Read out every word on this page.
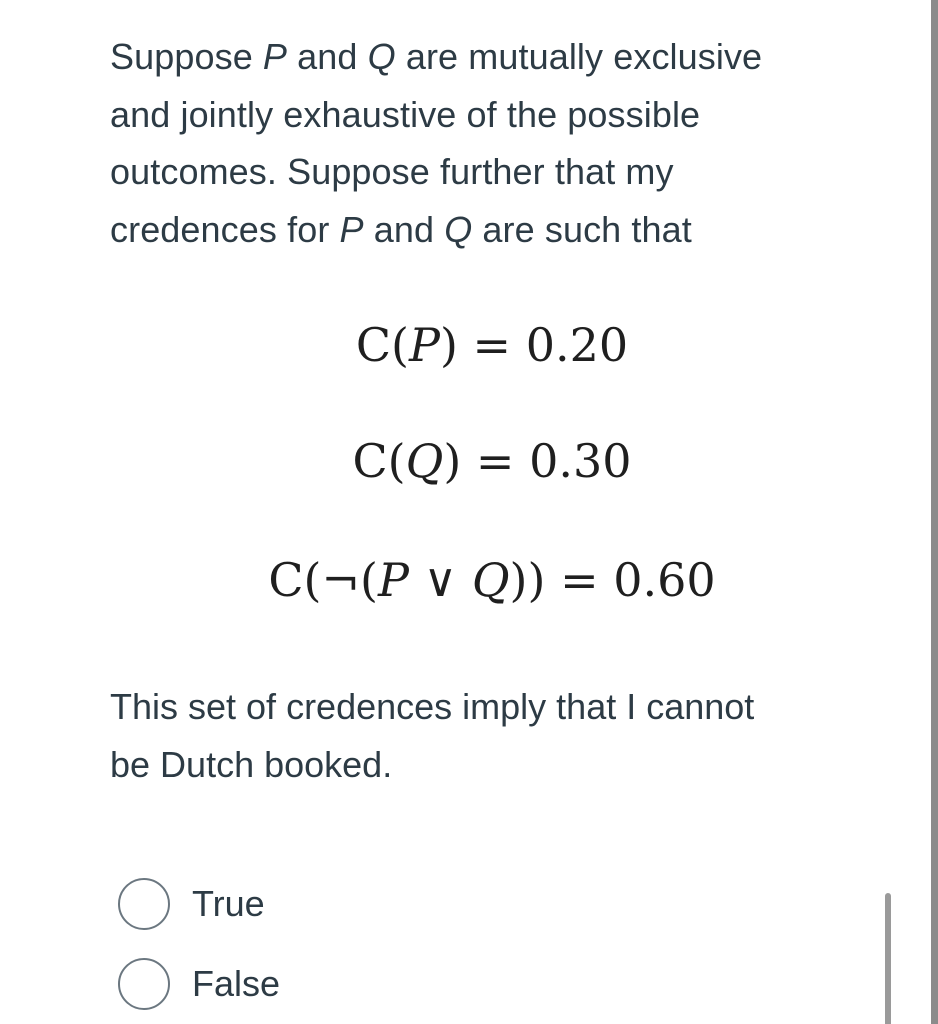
Suppose P and Q are mutually exclusive
and jointly exhaustive of the possible
outcomes. Suppose further that my
credences for P and Q are such that
C(P) = 0.20
C(Q) = 0.30
C(¬(P ∨ Q)) = 0.60
This set of credences imply that I cannot
be Dutch booked.
True
False
